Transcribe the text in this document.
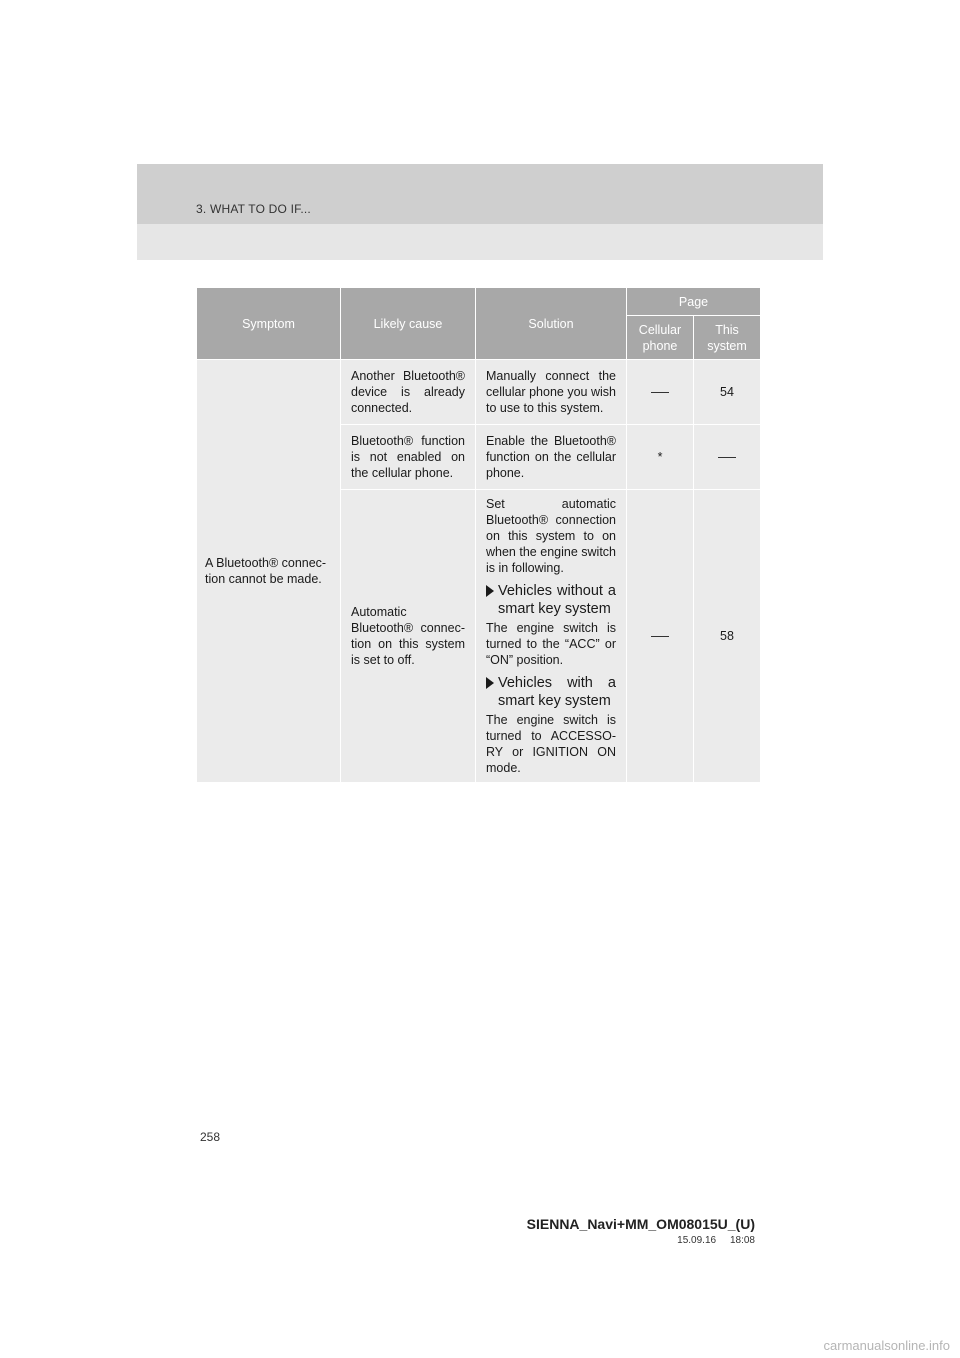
3. WHAT TO DO IF...
Symptom	Likely cause	Solution	Page	
			Cellular phone	This system
A Bluetooth® connec-tion cannot be made.	Another Bluetooth® device is already connected.	Manually connect the cellular phone you wish to use to this system.		54
	Bluetooth® function is not enabled on the cellular phone.	Enable the Bluetooth® function on the cellular phone.	*	
	Automatic Bluetooth® connec-tion on this system is set to off.	Set automatic Bluetooth® connection on this system to on when the engine switch is in following.
Vehicles without a smart key system
The engine switch is turned to the “ACC” or “ON” position.
Vehicles with a smart key system
The engine switch is turned to ACCESSO-RY or IGNITION ON mode.		58
258
SIENNA_Navi+MM_OM08015U_(U)
15.09.16     18:08
carmanualsonline.info
